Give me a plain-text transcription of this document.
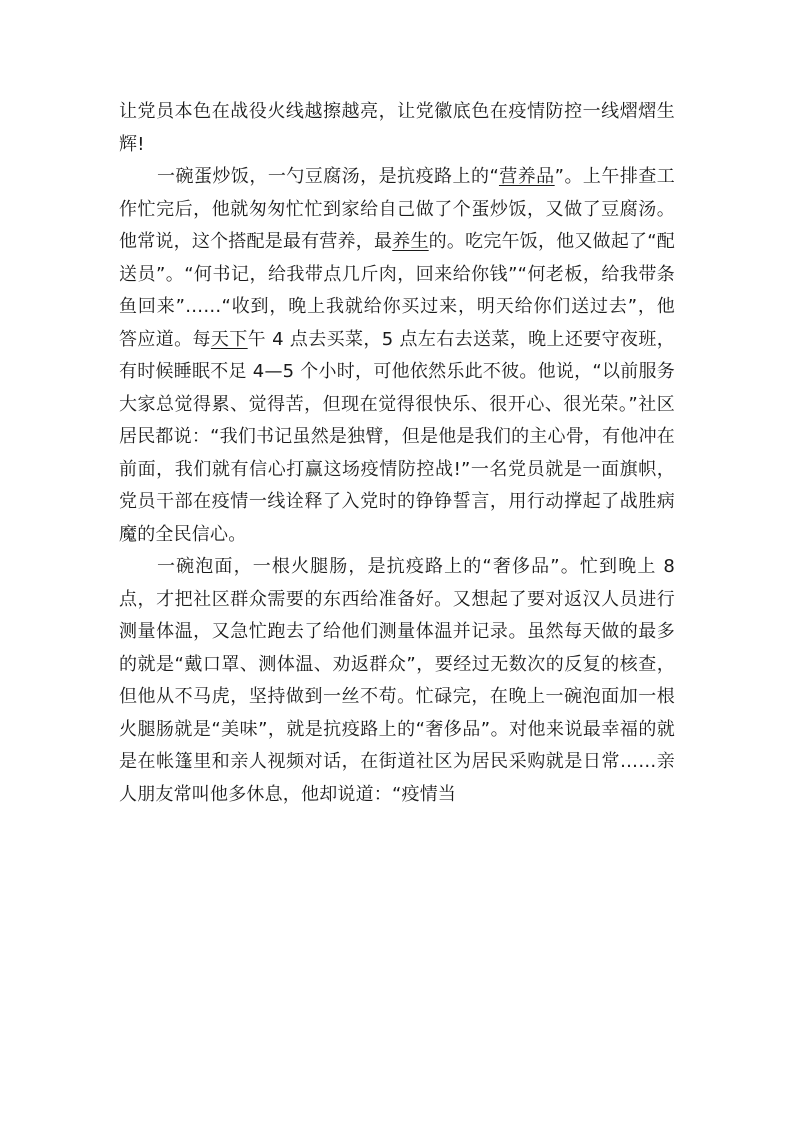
让党员本色在战役火线越擦越亮，让党徽底色在疫情防控一线熠熠生辉!

一碗蛋炒饭，一勺豆腐汤，是抗疫路上的“营养品”。上午排查工作忙完后，他就匆匆忙忙到家给自己做了个蛋炒饭，又做了豆腐汤。他常说，这个搭配是最有营养，最养生的。吃完午饭，他又做起了“配送员”。“何书记，给我带点几斤肉，回来给你钱”“何老板，给我带条鱼回来”……“收到，晚上我就给你买过来，明天给你们送过去”，他答应道。每天下午 4 点去买菜，5 点左右去送菜，晚上还要守夜班，有时候睡眠不足 4—5 个小时，可他依然乐此不彼。他说，“以前服务大家总觉得累、觉得苦，但现在觉得很快乐、很开心、很光荣。”社区居民都说：“我们书记虽然是独臂，但是他是我们的主心骨，有他冲在前面，我们就有信心打赢这场疫情防控战!”一名党员就是一面旗帜，党员干部在疫情一线诠释了入党时的铮铮誓言，用行动撑起了战胜病魔的全民信心。

一碗泡面，一根火腿肠，是抗疫路上的“奢侈品”。忙到晚上 8 点，才把社区群众需要的东西给准备好。又想起了要对返汉人员进行测量体温，又急忙跑去了给他们测量体温并记录。虽然每天做的最多的就是“戴口罩、测体温、劝返群众”，要经过无数次的反复的核查，但他从不马虎，坚持做到一丝不苟。忙碌完，在晚上一碗泡面加一根火腿肠就是“美味”，就是抗疫路上的“奢侈品”。对他来说最幸福的就是在帐篷里和亲人视频对话，在街道社区为居民采购就是日常……亲人朋友常叫他多休息，他却说道：“疫情当
